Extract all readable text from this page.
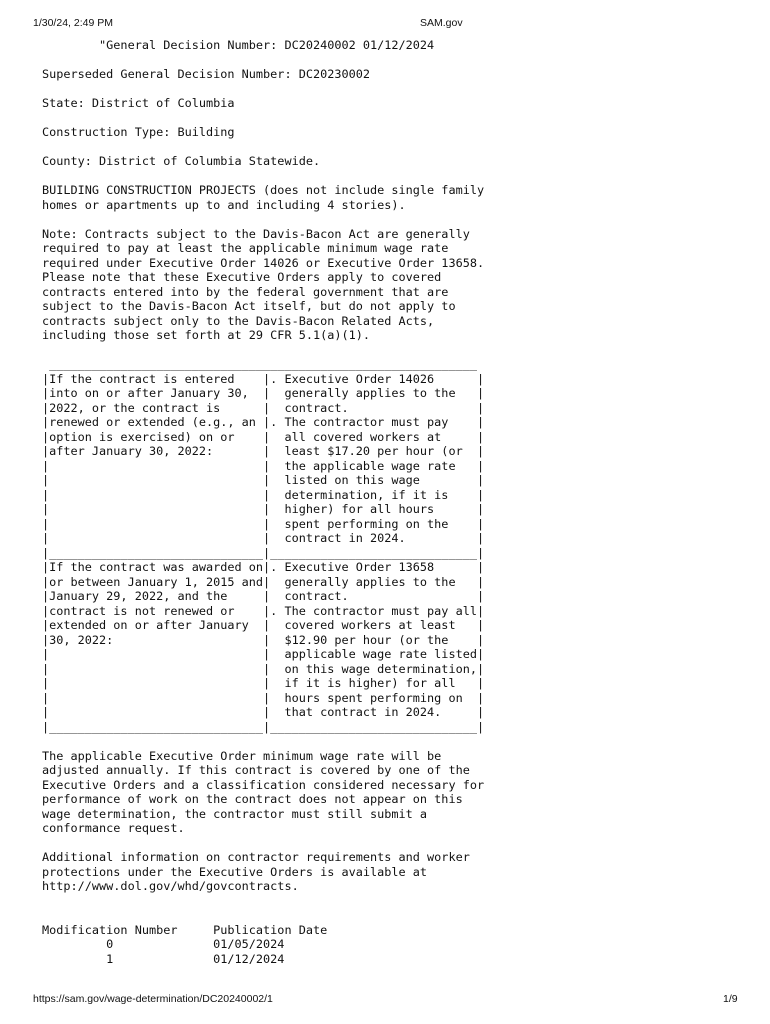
1/30/24, 2:49 PM	SAM.gov
"General Decision Number: DC20240002 01/12/2024

Superseded General Decision Number: DC20230002

State: District of Columbia

Construction Type: Building

County: District of Columbia Statewide.

BUILDING CONSTRUCTION PROJECTS (does not include single family
homes or apartments up to and including 4 stories).

Note: Contracts subject to the Davis-Bacon Act are generally
required to pay at least the applicable minimum wage rate
required under Executive Order 14026 or Executive Order 13658.
Please note that these Executive Orders apply to covered
contracts entered into by the federal government that are
subject to the Davis-Bacon Act itself, but do not apply to
contracts subject only to the Davis-Bacon Related Acts,
including those set forth at 29 CFR 5.1(a)(1).

____________________________________________________________
|If the contract is entered    |. Executive Order 14026      |
|into on or after January 30,  |  generally applies to the   |
|2022, or the contract is      |  contract.                  |
|renewed or extended (e.g., an |. The contractor must pay    |
|option is exercised) on or    |  all covered workers at     |
|after January 30, 2022:       |  least $17.20 per hour (or  |
|                              |  the applicable wage rate   |
|                              |  listed on this wage        |
|                              |  determination, if it is    |
|                              |  higher) for all hours      |
|                              |  spent performing on the    |
|                              |  contract in 2024.          |
|______________________________|_____________________________|
|If the contract was awarded on|. Executive Order 13658      |
|or between January 1, 2015 and|  generally applies to the   |
|January 29, 2022, and the     |  contract.                  |
|contract is not renewed or    |. The contractor must pay all|
|extended on or after January  |  covered workers at least   |
|30, 2022:                     |  $12.90 per hour (or the    |
|                              |  applicable wage rate listed|
|                              |  on this wage determination,|
|                              |  if it is higher) for all   |
|                              |  hours spent performing on  |
|                              |  that contract in 2024.     |
|______________________________|_____________________________|

The applicable Executive Order minimum wage rate will be
adjusted annually. If this contract is covered by one of the
Executive Orders and a classification considered necessary for
performance of work on the contract does not appear on this
wage determination, the contractor must still submit a
conformance request.

Additional information on contractor requirements and worker
protections under the Executive Orders is available at
http://www.dol.gov/whd/govcontracts.

Modification Number     Publication Date
0              01/05/2024
1              01/12/2024

https://sam.gov/wage-determination/DC20240002/1	1/9
